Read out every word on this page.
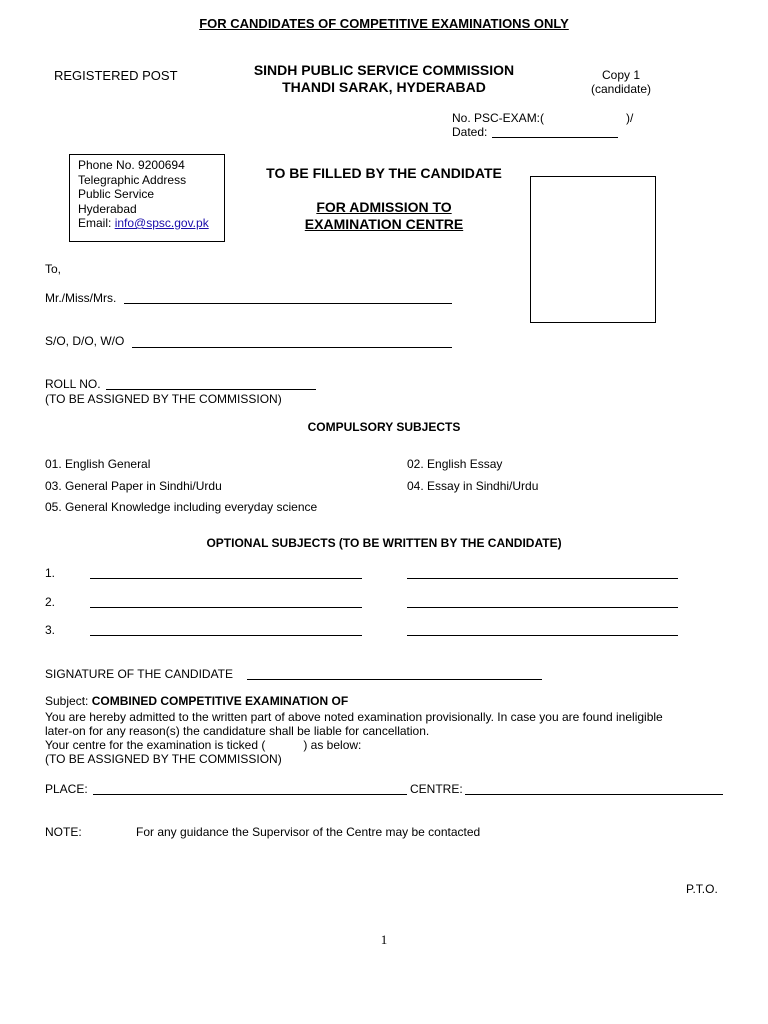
FOR CANDIDATES OF COMPETITIVE EXAMINATIONS ONLY
REGISTERED POST	SINDH PUBLIC SERVICE COMMISSION
THANDI SARAK, HYDERABAD
Copy 1
(candidate)
No. PSC-EXAM:(	)/
Dated:
Phone No. 9200694
Telegraphic Address
Public Service
Hyderabad
Email: info@spsc.gov.pk
TO BE FILLED BY THE CANDIDATE
FOR ADMISSION TO
EXAMINATION CENTRE
To,
Mr./Miss/Mrs.
S/O, D/O, W/O
ROLL NO.
(TO BE ASSIGNED BY THE COMMISSION)
COMPULSORY SUBJECTS
01. English General	02. English Essay
03. General Paper in Sindhi/Urdu	04. Essay in Sindhi/Urdu
05. General Knowledge including everyday science
OPTIONAL SUBJECTS (TO BE WRITTEN BY THE CANDIDATE)
1.
2.
3.
SIGNATURE OF THE CANDIDATE
Subject: COMBINED COMPETITIVE EXAMINATION OF
You are hereby admitted to the written part of above noted examination provisionally. In case you are found ineligible
later-on for any reason(s) the candidature shall be liable for cancellation.
Your centre for the examination is ticked (	) as below:
(TO BE ASSIGNED BY THE COMMISSION)
PLACE:	CENTRE:
NOTE:	For any guidance the Supervisor of the Centre may be contacted
P.T.O.
1
